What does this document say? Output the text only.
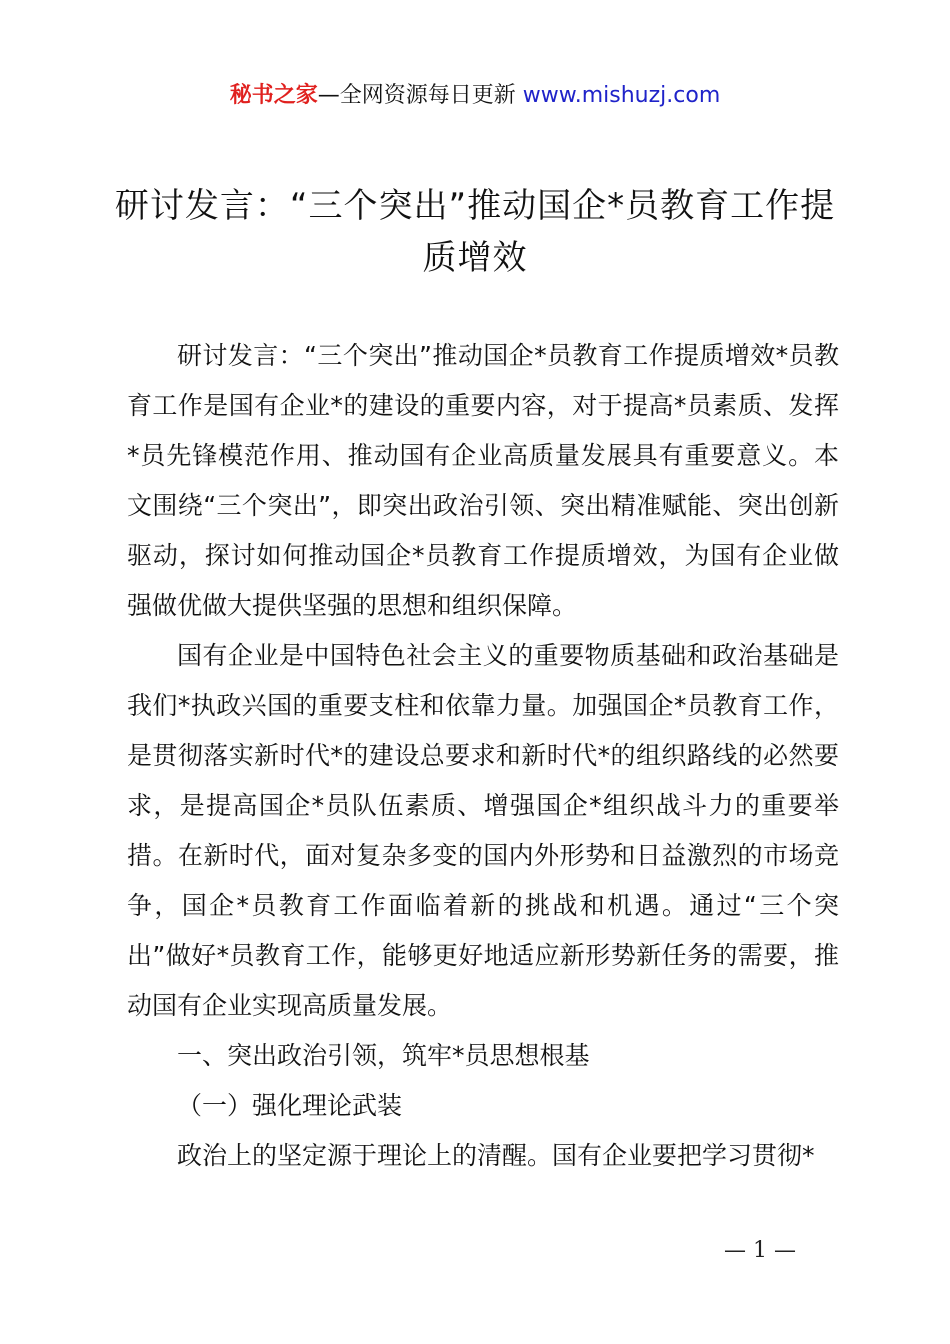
秘书之家—全网资源每日更新 www.mishuzj.com
研讨发言：“三个突出”推动国企*员教育工作提质增效

研讨发言：“三个突出”推动国企*员教育工作提质增效*员教育工作是国有企业*的建设的重要内容，对于提高*员素质、发挥*员先锋模范作用、推动国有企业高质量发展具有重要意义。本文围绕“三个突出”，即突出政治引领、突出精准赋能、突出创新驱动，探讨如何推动国企*员教育工作提质增效，为国有企业做强做优做大提供坚强的思想和组织保障。

国有企业是中国特色社会主义的重要物质基础和政治基础是我们*执政兴国的重要支柱和依靠力量。加强国企*员教育工作，是贯彻落实新时代*的建设总要求和新时代*的组织路线的必然要求，是提高国企*员队伍素质、增强国企*组织战斗力的重要举措。在新时代，面对复杂多变的国内外形势和日益激烈的市场竞争，国企*员教育工作面临着新的挑战和机遇。通过“三个突出”做好*员教育工作，能够更好地适应新形势新任务的需要，推动国有企业实现高质量发展。

一、突出政治引领，筑牢*员思想根基

（一）强化理论武装

政治上的坚定源于理论上的清醒。国有企业要把学习贯彻*

— 1 —
